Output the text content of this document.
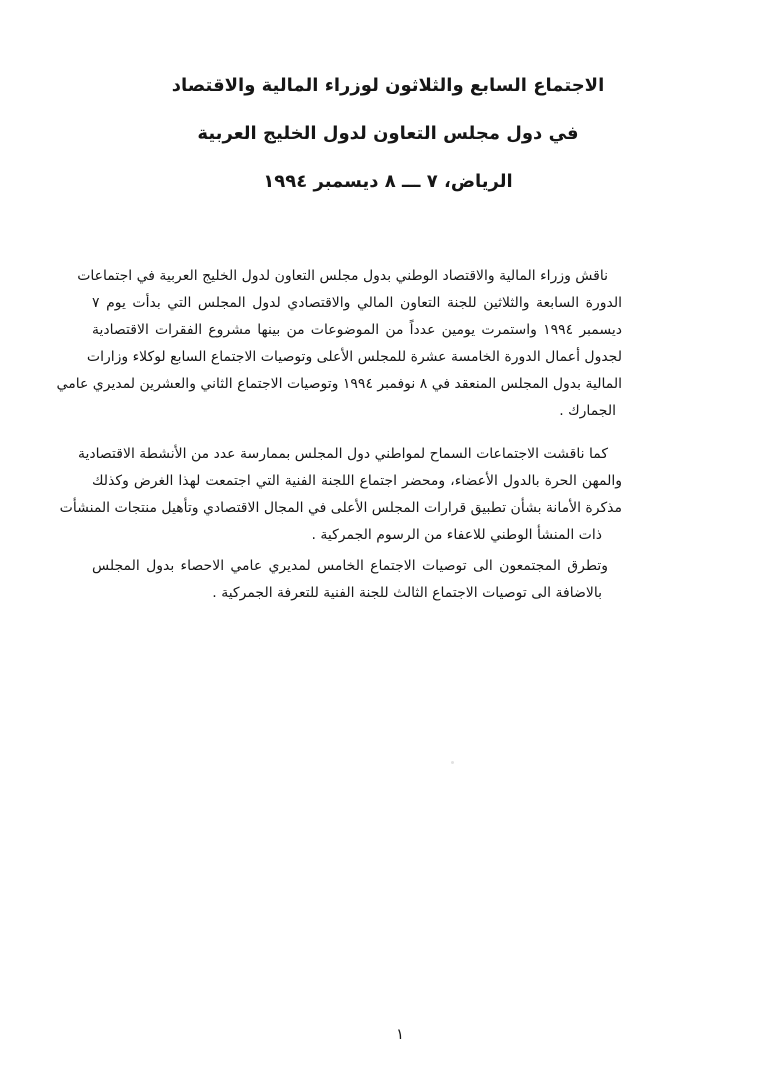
الاجتماع السابع والثلاثون لوزراء المالية والاقتصاد
في دول مجلس التعاون لدول الخليج العربية
الرياض، ٧ ـــ ٨ ديسمبر ١٩٩٤
ناقش وزراء المالية والاقتصاد الوطني بدول مجلس التعاون لدول الخليج العربية في اجتماعات
الدورة السابعة والثلاثين للجنة التعاون المالي والاقتصادي لدول المجلس التي بدأت يوم ٧
ديسمبر ١٩٩٤ واستمرت يومين عدداً من الموضوعات من بينها مشروع الفقرات الاقتصادية
لجدول أعمال الدورة الخامسة عشرة للمجلس الأعلى وتوصيات الاجتماع السابع لوكلاء وزارات
المالية بدول المجلس المنعقد في ٨ نوفمبر ١٩٩٤ وتوصيات الاجتماع الثاني والعشرين لمديري عامي
الجمارك .
كما ناقشت الاجتماعات السماح لمواطني دول المجلس بممارسة عدد من الأنشطة الاقتصادية
والمهن الحرة بالدول الأعضاء، ومحضر اجتماع اللجنة الفنية التي اجتمعت لهذا الغرض وكذلك
مذكرة الأمانة بشأن تطبيق قرارات المجلس الأعلى في المجال الاقتصادي وتأهيل منتجات المنشأت
ذات المنشأ الوطني للاعفاء من الرسوم الجمركية .
وتطرق المجتمعون الى توصيات الاجتماع الخامس لمديري عامي الاحصاء بدول المجلس
بالاضافة الى توصيات الاجتماع الثالث للجنة الفنية للتعرفة الجمركية .
١
